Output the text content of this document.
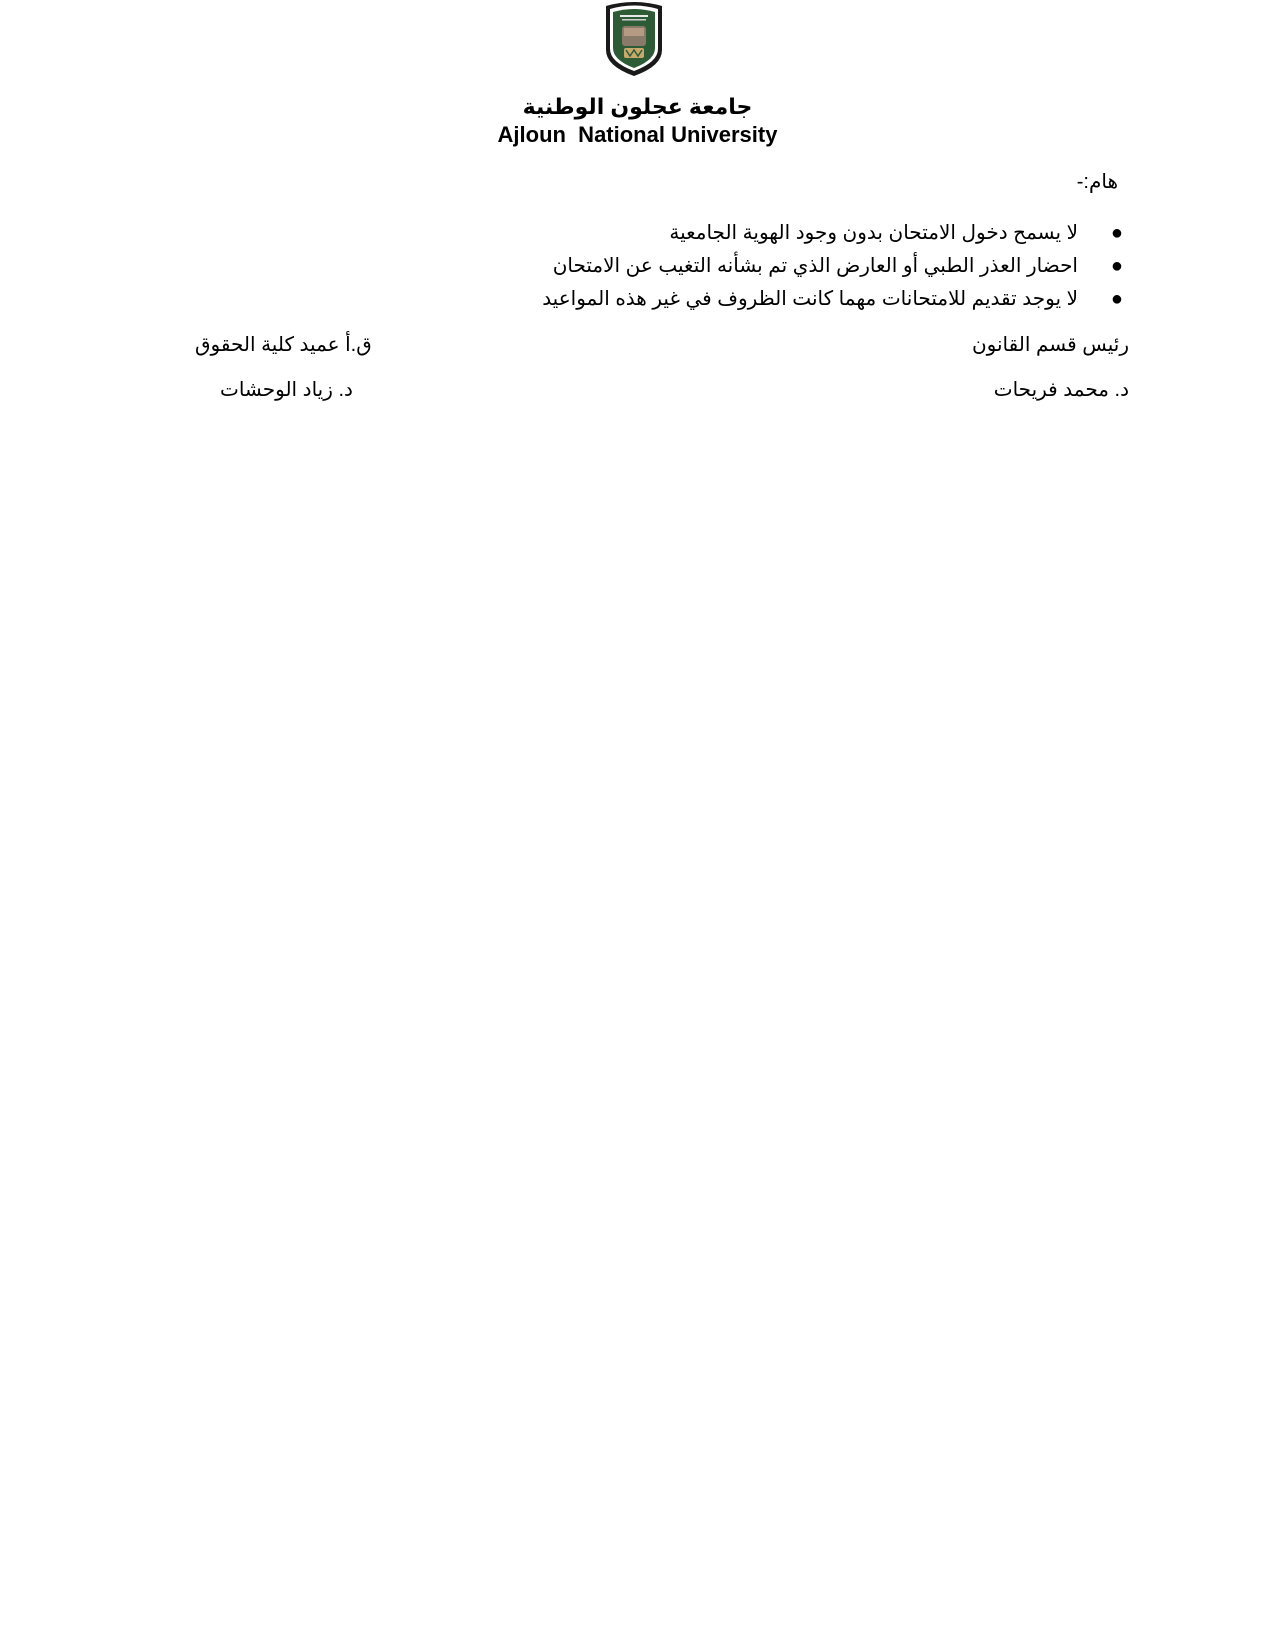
جامعة عجلون الوطنية
Ajloun  National University
هام:-
●
لا يسمح دخول الامتحان بدون وجود الهوية الجامعية
●
احضار العذر الطبي أو العارض الذي تم بشأنه التغيب عن الامتحان
●
لا يوجد تقديم للامتحانات مهما كانت الظروف في غير هذه المواعيد
رئيس قسم القانون
د. محمد فريحات
ق.أ عميد كلية الحقوق
د. زياد الوحشات
